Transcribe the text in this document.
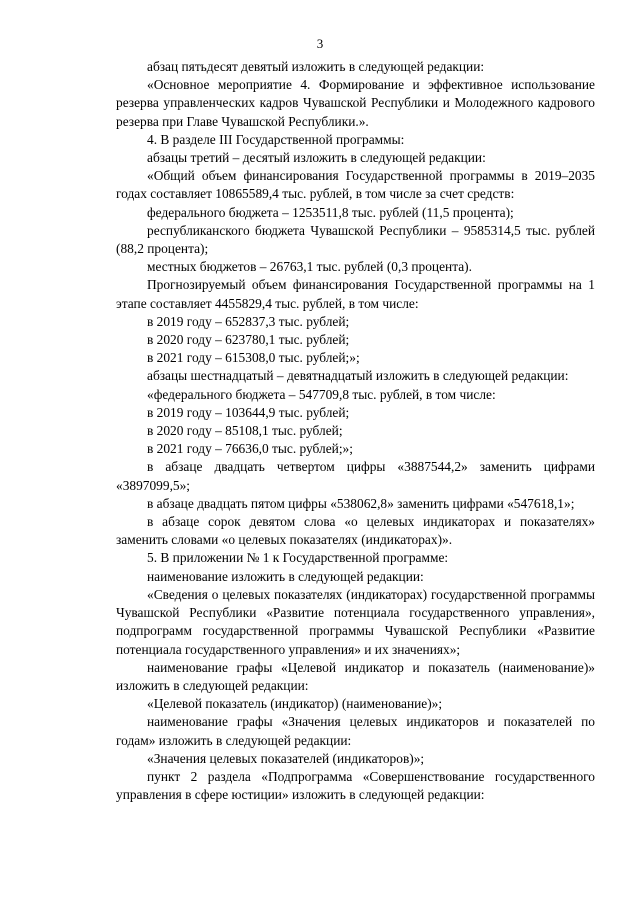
3

абзац пятьдесят девятый изложить в следующей редакции:

«Основное мероприятие 4. Формирование и эффективное использование резерва управленческих кадров Чувашской Республики и Молодежного кадрового резерва при Главе Чувашской Республики.».

4. В разделе III Государственной программы:

абзацы третий – десятый изложить в следующей редакции:

«Общий объем финансирования Государственной программы в 2019–2035 годах составляет 10865589,4 тыс. рублей, в том числе за счет средств:

федерального бюджета – 1253511,8 тыс. рублей (11,5 процента);

республиканского бюджета Чувашской Республики – 9585314,5 тыс. рублей (88,2 процента);

местных бюджетов – 26763,1 тыс. рублей (0,3 процента).

Прогнозируемый объем финансирования Государственной программы на 1 этапе составляет 4455829,4 тыс. рублей, в том числе:

в 2019 году – 652837,3 тыс. рублей;

в 2020 году – 623780,1 тыс. рублей;

в 2021 году – 615308,0 тыс. рублей;»;

абзацы шестнадцатый – девятнадцатый изложить в следующей редакции:

«федерального бюджета – 547709,8 тыс. рублей, в том числе:

в 2019 году – 103644,9 тыс. рублей;

в 2020 году – 85108,1 тыс. рублей;

в 2021 году – 76636,0 тыс. рублей;»;

в абзаце двадцать четвертом цифры «3887544,2» заменить цифрами «3897099,5»;

в абзаце двадцать пятом цифры «538062,8» заменить цифрами «547618,1»;

в абзаце сорок девятом слова «о целевых индикаторах и показателях» заменить словами «о целевых показателях (индикаторах)».

5. В приложении № 1 к Государственной программе:

наименование изложить в следующей редакции:

«Сведения о целевых показателях (индикаторах) государственной программы Чувашской Республики «Развитие потенциала государственного управления», подпрограмм государственной программы Чувашской Республики «Развитие потенциала государственного управления» и их значениях»;

наименование графы «Целевой индикатор и показатель (наименование)» изложить в следующей редакции:

«Целевой показатель (индикатор) (наименование)»;

наименование графы «Значения целевых индикаторов и показателей по годам» изложить в следующей редакции:

«Значения целевых показателей (индикаторов)»;

пункт 2 раздела «Подпрограмма «Совершенствование государственного управления в сфере юстиции» изложить в следующей редакции:
